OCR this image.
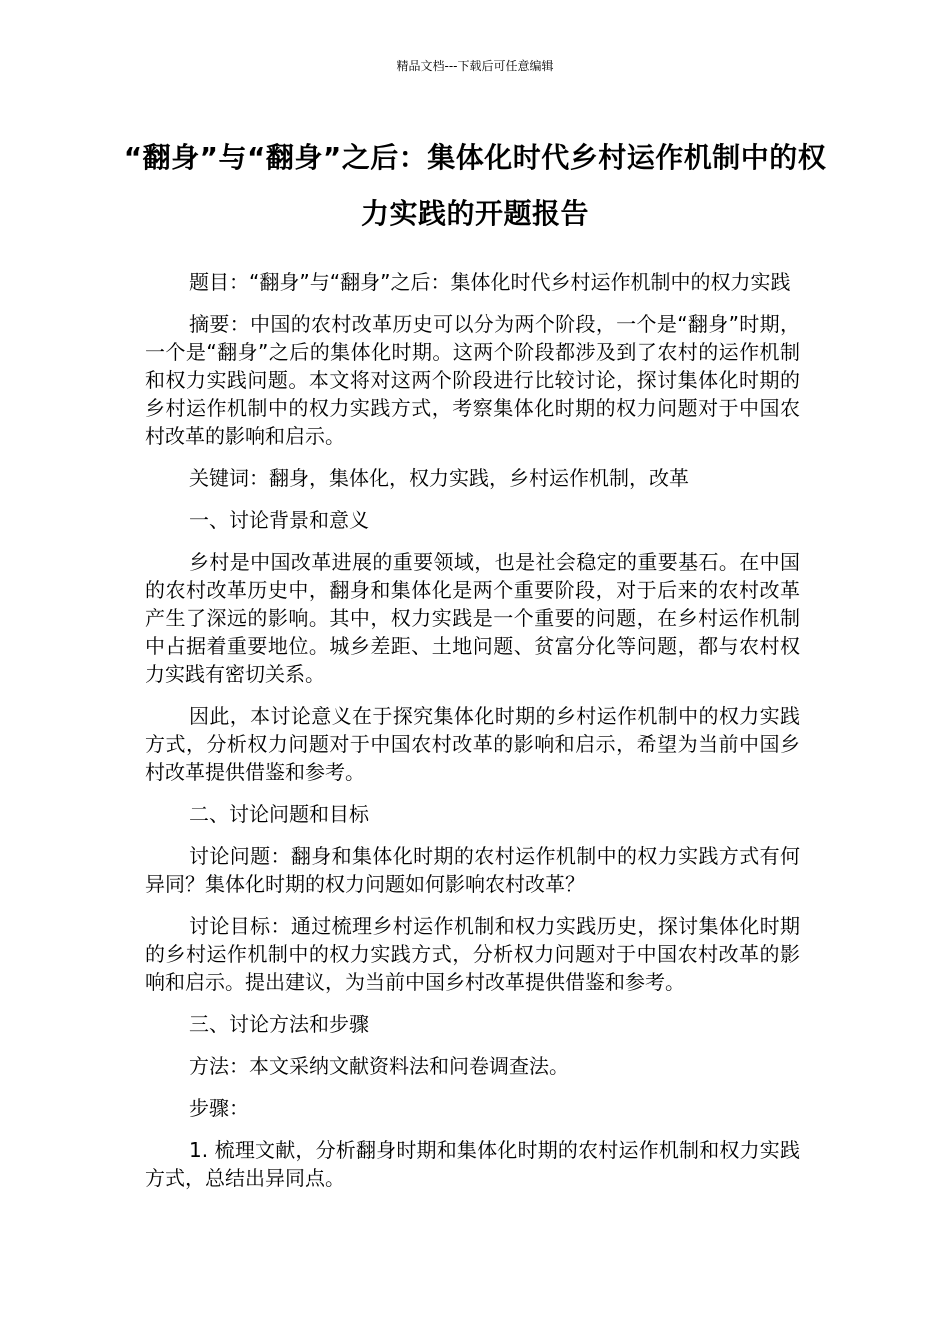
精品文档---下载后可任意编辑
“翻身”与“翻身”之后：集体化时代乡村运作机制中的权力实践的开题报告

题目：“翻身”与“翻身”之后：集体化时代乡村运作机制中的权力实践

摘要：中国的农村改革历史可以分为两个阶段，一个是“翻身”时期，一个是“翻身”之后的集体化时期。这两个阶段都涉及到了农村的运作机制和权力实践问题。本文将对这两个阶段进行比较讨论，探讨集体化时期的乡村运作机制中的权力实践方式，考察集体化时期的权力问题对于中国农村改革的影响和启示。

关键词：翻身，集体化，权力实践，乡村运作机制，改革

一、讨论背景和意义

乡村是中国改革进展的重要领域，也是社会稳定的重要基石。在中国的农村改革历史中，翻身和集体化是两个重要阶段，对于后来的农村改革产生了深远的影响。其中，权力实践是一个重要的问题，在乡村运作机制中占据着重要地位。城乡差距、土地问题、贫富分化等问题，都与农村权力实践有密切关系。

因此，本讨论意义在于探究集体化时期的乡村运作机制中的权力实践方式，分析权力问题对于中国农村改革的影响和启示，希望为当前中国乡村改革提供借鉴和参考。

二、讨论问题和目标

讨论问题：翻身和集体化时期的农村运作机制中的权力实践方式有何异同？集体化时期的权力问题如何影响农村改革？

讨论目标：通过梳理乡村运作机制和权力实践历史，探讨集体化时期的乡村运作机制中的权力实践方式，分析权力问题对于中国农村改革的影响和启示。提出建议，为当前中国乡村改革提供借鉴和参考。

三、讨论方法和步骤

方法：本文采纳文献资料法和问卷调查法。

步骤：

1. 梳理文献，分析翻身时期和集体化时期的农村运作机制和权力实践方式，总结出异同点。
